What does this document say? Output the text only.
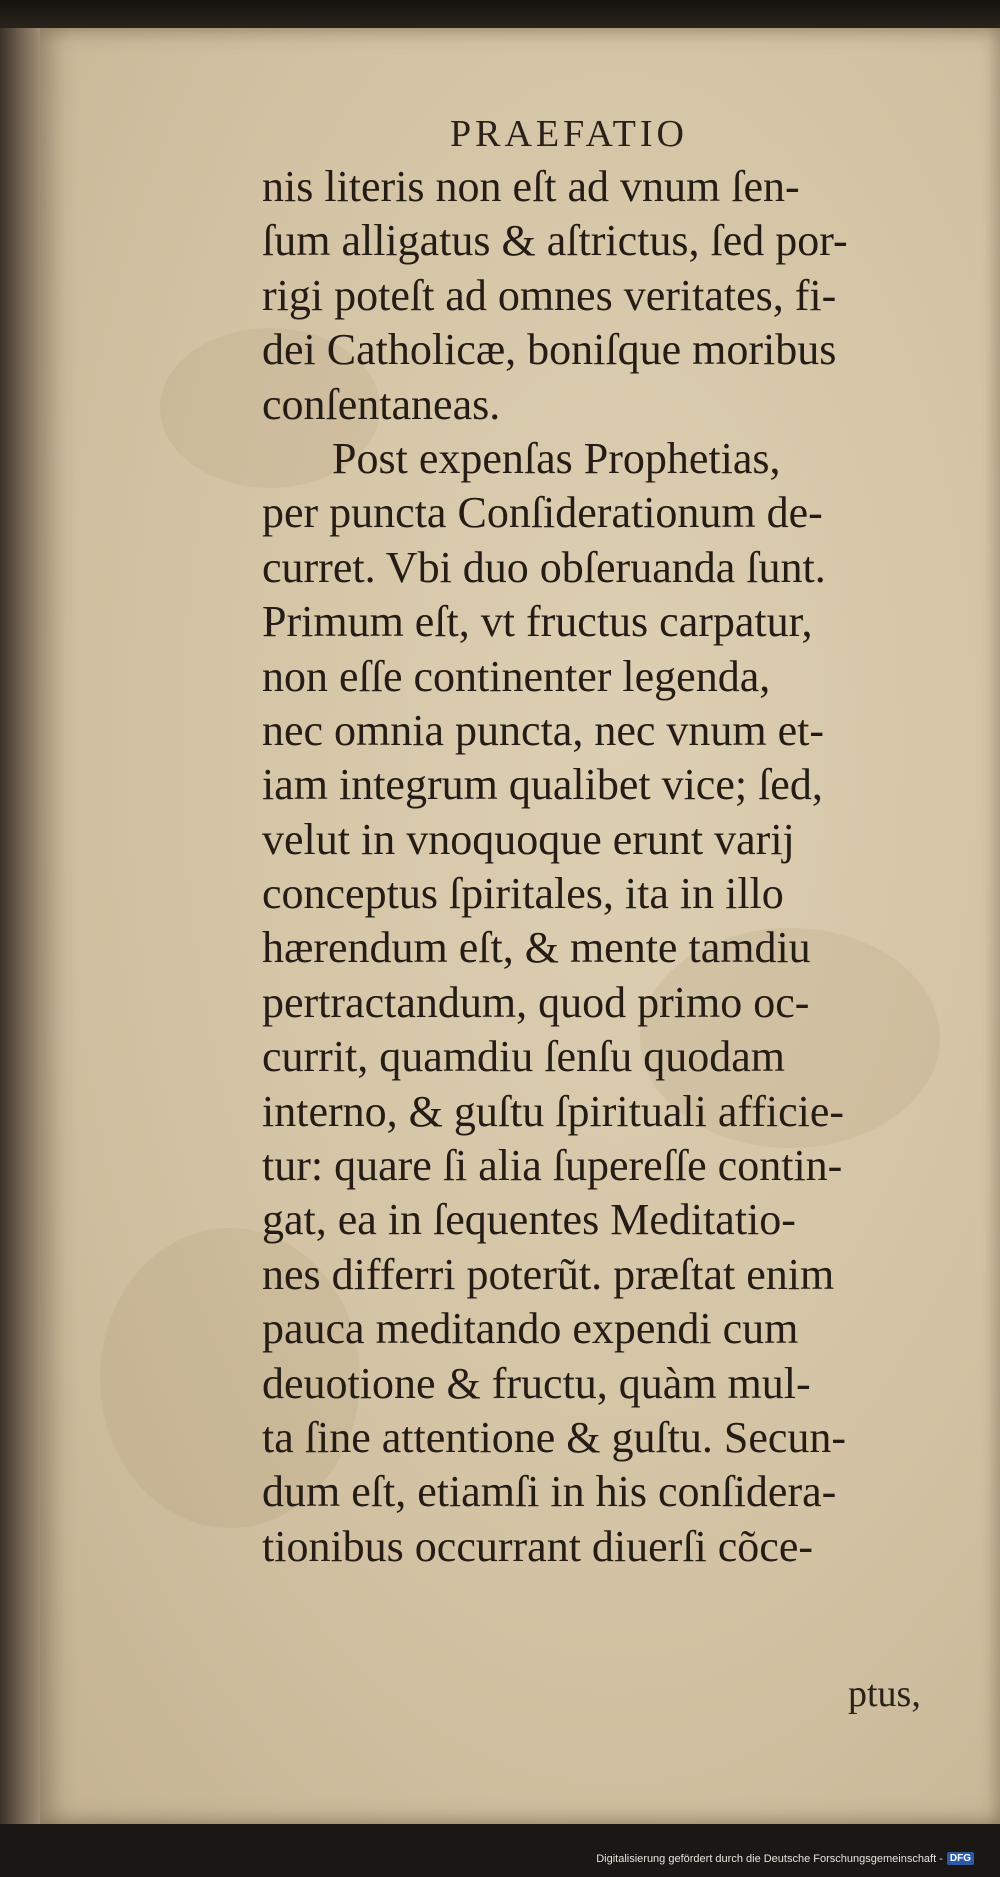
PRAEFATIO
nis literis non eſt ad vnum ſen-
ſum alligatus & aſtrictus, ſed por-
rigi poteſt ad omnes veritates, fi-
dei Catholicæ, boniſque moribus
conſentaneas.
Post expenſas Prophetias,
per puncta Conſiderationum de-
curret. Vbi duo obſeruanda ſunt.
Primum eſt, vt fructus carpatur,
non eſſe continenter legenda,
nec omnia puncta, nec vnum et-
iam integrum qualibet vice; ſed,
velut in vnoquoque erunt varij
conceptus ſpiritales, ita in illo
hærendum eſt, & mente tamdiu
pertractandum, quod primo oc-
currit, quamdiu ſenſu quodam
interno, & guſtu ſpirituali afficie-
tur: quare ſi alia ſupereſſe contin-
gat, ea in ſequentes Meditatio-
nes differri poterũt. præſtat enim
pauca meditando expendi cum
deuotione & fructu, quàm mul-
ta ſine attentione & guſtu. Secun-
dum eſt, etiamſi in his conſidera-
tionibus occurrant diuerſi cõce-
ptus,
Digitalisierung gefördert durch die Deutsche Forschungsgemeinschaft - DFG
